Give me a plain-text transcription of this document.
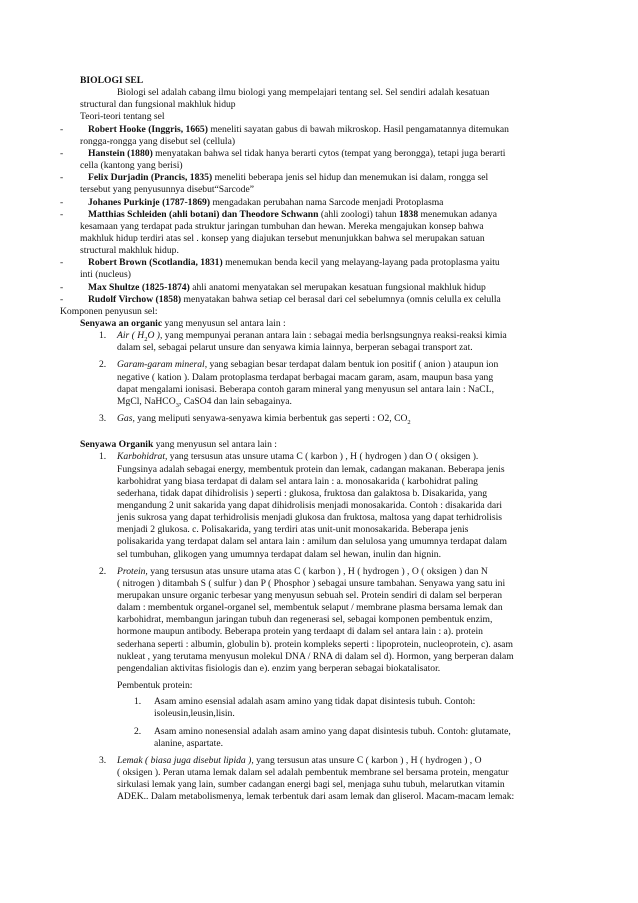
BIOLOGI SEL
Biologi sel adalah cabang ilmu biologi yang mempelajari tentang sel. Sel sendiri adalah kesatuan
structural dan fungsional makhluk hidup
Teori-teori tentang sel
-	Robert Hooke (Inggris, 1665) meneliti sayatan gabus di bawah mikroskop. Hasil pengamatannya ditemukan
rongga-rongga yang disebut sel (cellula)
-	Hanstein (1880) menyatakan bahwa sel tidak hanya berarti cytos (tempat yang berongga), tetapi juga berarti
cella (kantong yang berisi)
-	Felix Durjadin (Prancis, 1835) meneliti beberapa jenis sel hidup dan menemukan isi dalam, rongga sel
tersebut yang penyusunnya disebut“Sarcode”
-	Johanes Purkinje (1787-1869) mengadakan perubahan nama Sarcode menjadi Protoplasma
-	Matthias Schleiden (ahli botani) dan Theodore Schwann (ahli zoologi) tahun 1838 menemukan adanya
kesamaan yang terdapat pada struktur jaringan tumbuhan dan hewan. Mereka mengajukan konsep bahwa
makhluk hidup terdiri atas sel . konsep yang diajukan tersebut menunjukkan bahwa sel merupakan satuan
structural makhluk hidup.
-	Robert Brown (Scotlandia, 1831) menemukan benda kecil yang melayang-layang pada protoplasma yaitu
inti (nucleus)
-	Max Shultze (1825-1874) ahli anatomi menyatakan sel merupakan kesatuan fungsional makhluk hidup
-	Rudolf Virchow (1858) menyatakan bahwa setiap cel berasal dari cel sebelumnya (omnis celulla ex celulla
Komponen penyusun sel:
Senyawa an organic yang menyusun sel antara lain :
1. Air ( $H_2O$ ), yang mempunyai peranan antara lain : sebagai media berlsngsungnya reaksi-reaksi kimia
dalam sel, sebagai pelarut unsure dan senyawa kimia lainnya, berperan sebagai transport zat.
2. Garam-garam mineral, yang sebagian besar terdapat dalam bentuk ion positif ( anion ) ataupun ion
negative ( kation ). Dalam protoplasma terdapat berbagai macam garam, asam, maupun basa yang
dapat mengalami ionisasi. Beberapa contoh garam mineral yang menyusun sel antara lain : NaCL,
MgCl, NaHCO$_3$, CaSO4 dan lain sebagainya.
3. Gas, yang meliputi senyawa-senyawa kimia berbentuk gas seperti : O2, $CO_2$
Senyawa Organik yang menyusun sel antara lain :
1. Karbohidrat, yang tersusun atas unsure utama C ( karbon ) , H ( hydrogen ) dan O ( oksigen ).
Fungsinya adalah sebagai energy, membentuk protein dan lemak, cadangan makanan. Beberapa jenis
karbohidrat yang biasa terdapat di dalam sel antara lain : a. monosakarida ( karbohidrat paling
sederhana, tidak dapat dihidrolisis ) seperti : glukosa, fruktosa dan galaktosa b. Disakarida, yang
mengandung 2 unit sakarida yang dapat dihidrolisis menjadi monosakarida. Contoh : disakarida dari
jenis sukrosa yang dapat terhidrolisis menjadi glukosa dan fruktosa, maltosa yang dapat terhidrolisis
menjadi 2 glukosa. c. Polisakarida, yang terdiri atas unit-unit monosakarida. Beberapa jenis
polisakarida yang terdapat dalam sel antara lain : amilum dan selulosa yang umumnya terdapat dalam
sel tumbuhan, glikogen yang umumnya terdapat dalam sel hewan, inulin dan hignin.
2. Protein, yang tersusun atas unsure utama atas C ( karbon ) , H ( hydrogen ) , O ( oksigen ) dan N
( nitrogen ) ditambah S ( sulfur ) dan P ( Phosphor ) sebagai unsure tambahan. Senyawa yang satu ini
merupakan unsure organic terbesar yang menyusun sebuah sel. Protein sendiri di dalam sel berperan
dalam : membentuk organel-organel sel, membentuk selaput / membrane plasma bersama lemak dan
karbohidrat, membangun jaringan tubuh dan regenerasi sel, sebagai komponen pembentuk enzim,
hormone maupun antibody. Beberapa protein yang terdaapt di dalam sel antara lain : a). protein
sederhana seperti : albumin, globulin b). protein kompleks seperti : lipoprotein, nucleoprotein, c). asam
nukleat , yang terutama menyusun molekul DNA / RNA di dalam sel d). Hormon, yang berperan dalam
pengendalian aktivitas fisiologis dan e). enzim yang berperan sebagai biokatalisator.
Pembentuk protein:
1. Asam amino esensial adalah asam amino yang tidak dapat disintesis tubuh. Contoh:
isoleusin,leusin,lisin.
2. Asam amino nonesensial adalah asam amino yang dapat disintesis tubuh. Contoh: glutamate,
alanine, aspartate.
3. Lemak ( biasa juga disebut lipida ), yang tersusun atas unsure C ( karbon ) , H ( hydrogen ) , O
( oksigen ). Peran utama lemak dalam sel adalah pembentuk membrane sel bersama protein, mengatur
sirkulasi lemak yang lain, sumber cadangan energi bagi sel, menjaga suhu tubuh, melarutkan vitamin
ADEK.. Dalam metabolismenya, lemak terbentuk dari asam lemak dan gliserol. Macam-macam lemak:
